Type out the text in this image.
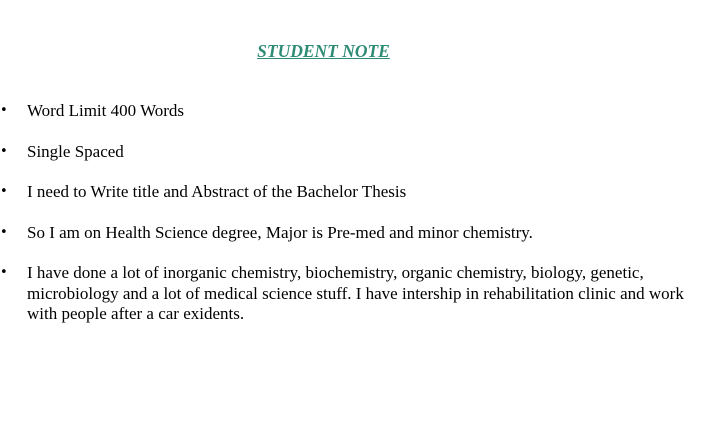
STUDENT NOTE
• Word Limit 400 Words
• Single Spaced
• I need to Write title and Abstract of the Bachelor Thesis
• So I am on Health Science degree, Major is Pre-med and minor chemistry.
• I have done a lot of inorganic chemistry, biochemistry, organic chemistry, biology, genetic, microbiology and a lot of medical science stuff. I have intership in rehabilitation clinic and work with people after a car exidents.
